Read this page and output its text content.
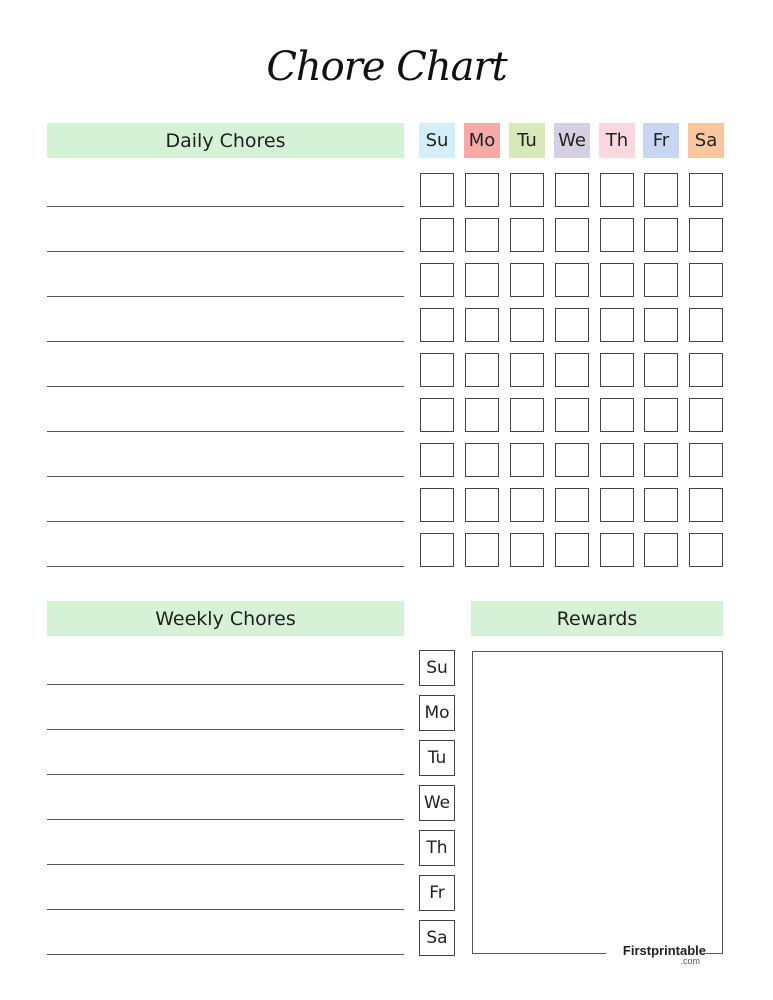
Chore Chart
Daily Chores	Su	Mo	Tu	We	Th	Fr	Sa
Weekly Chores
Su
Mo
Tu
We
Th
Fr
Sa
Rewards
Firstprintable
.com
